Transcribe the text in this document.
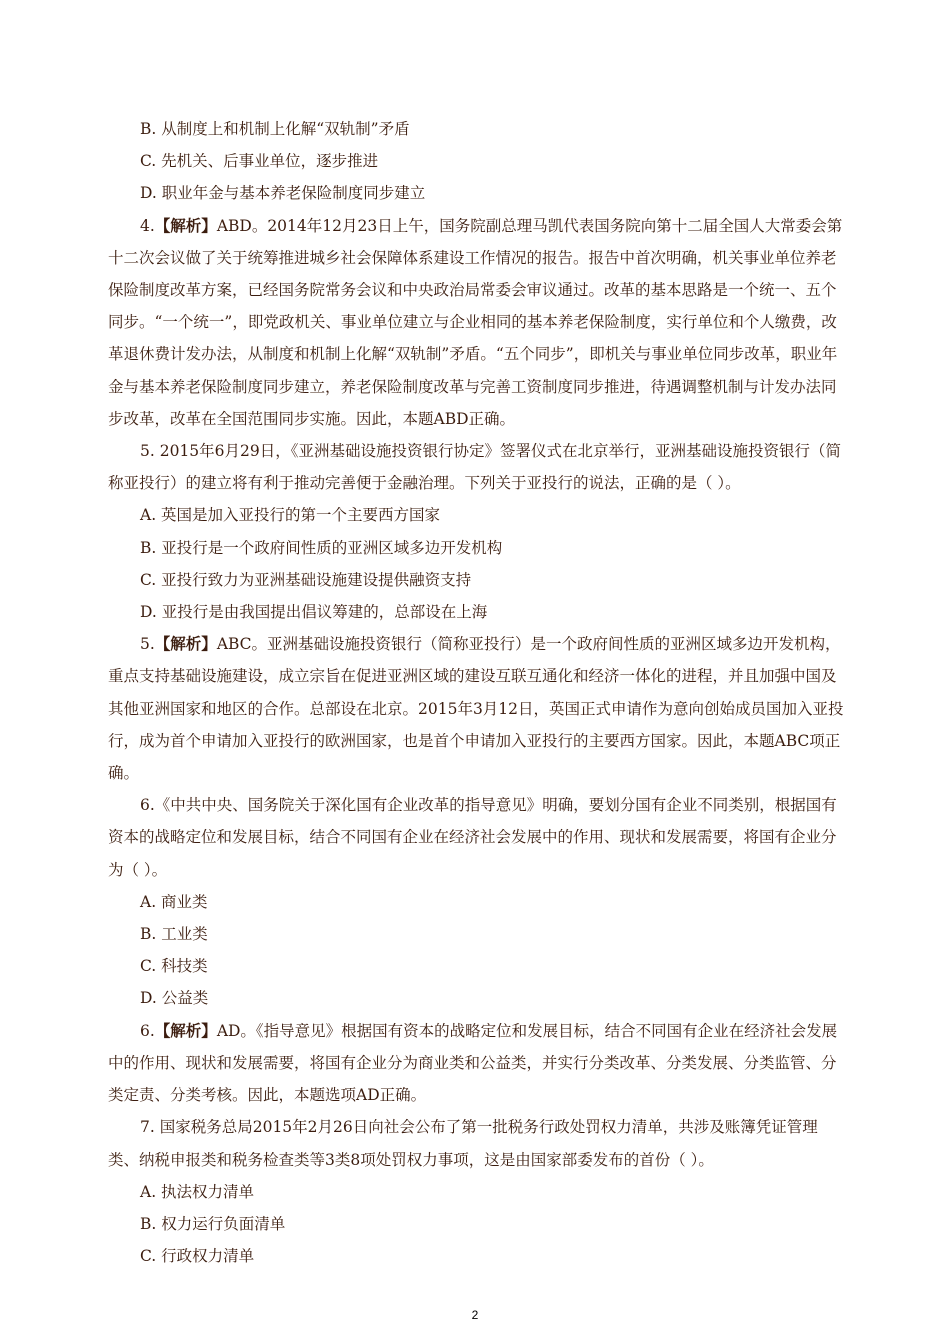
B. 从制度上和机制上化解“双轨制”矛盾

C. 先机关、后事业单位，逐步推进

D. 职业年金与基本养老保险制度同步建立

4.【解析】ABD。2014年12月23日上午，国务院副总理马凯代表国务院向第十二届全国人大常委会第十二次会议做了关于统筹推进城乡社会保障体系建设工作情况的报告。报告中首次明确，机关事业单位养老保险制度改革方案，已经国务院常务会议和中央政治局常委会审议通过。改革的基本思路是一个统一、五个同步。“一个统一”，即党政机关、事业单位建立与企业相同的基本养老保险制度，实行单位和个人缴费，改革退休费计发办法，从制度和机制上化解“双轨制”矛盾。“五个同步”，即机关与事业单位同步改革，职业年金与基本养老保险制度同步建立，养老保险制度改革与完善工资制度同步推进，待遇调整机制与计发办法同步改革，改革在全国范围同步实施。因此，本题ABD正确。

5. 2015年6月29日，《亚洲基础设施投资银行协定》签署仪式在北京举行，亚洲基础设施投资银行（简称亚投行）的建立将有利于推动完善便于金融治理。下列关于亚投行的说法，正确的是（ ）。

A. 英国是加入亚投行的第一个主要西方国家

B. 亚投行是一个政府间性质的亚洲区域多边开发机构

C. 亚投行致力为亚洲基础设施建设提供融资支持

D. 亚投行是由我国提出倡议筹建的，总部设在上海

5.【解析】ABC。亚洲基础设施投资银行（简称亚投行）是一个政府间性质的亚洲区域多边开发机构，重点支持基础设施建设，成立宗旨在促进亚洲区域的建设互联互通化和经济一体化的进程，并且加强中国及其他亚洲国家和地区的合作。总部设在北京。2015年3月12日，英国正式申请作为意向创始成员国加入亚投行，成为首个申请加入亚投行的欧洲国家，也是首个申请加入亚投行的主要西方国家。因此，本题ABC项正确。

6.《中共中央、国务院关于深化国有企业改革的指导意见》明确，要划分国有企业不同类别，根据国有资本的战略定位和发展目标，结合不同国有企业在经济社会发展中的作用、现状和发展需要，将国有企业分为（ ）。

A. 商业类

B. 工业类

C. 科技类

D. 公益类

6.【解析】AD。《指导意见》根据国有资本的战略定位和发展目标，结合不同国有企业在经济社会发展中的作用、现状和发展需要，将国有企业分为商业类和公益类，并实行分类改革、分类发展、分类监管、分类定责、分类考核。因此，本题选项AD正确。

7. 国家税务总局2015年2月26日向社会公布了第一批税务行政处罚权力清单，共涉及账簿凭证管理类、纳税申报类和税务检查类等3类8项处罚权力事项，这是由国家部委发布的首份（ ）。

A. 执法权力清单

B. 权力运行负面清单

C. 行政权力清单

2
